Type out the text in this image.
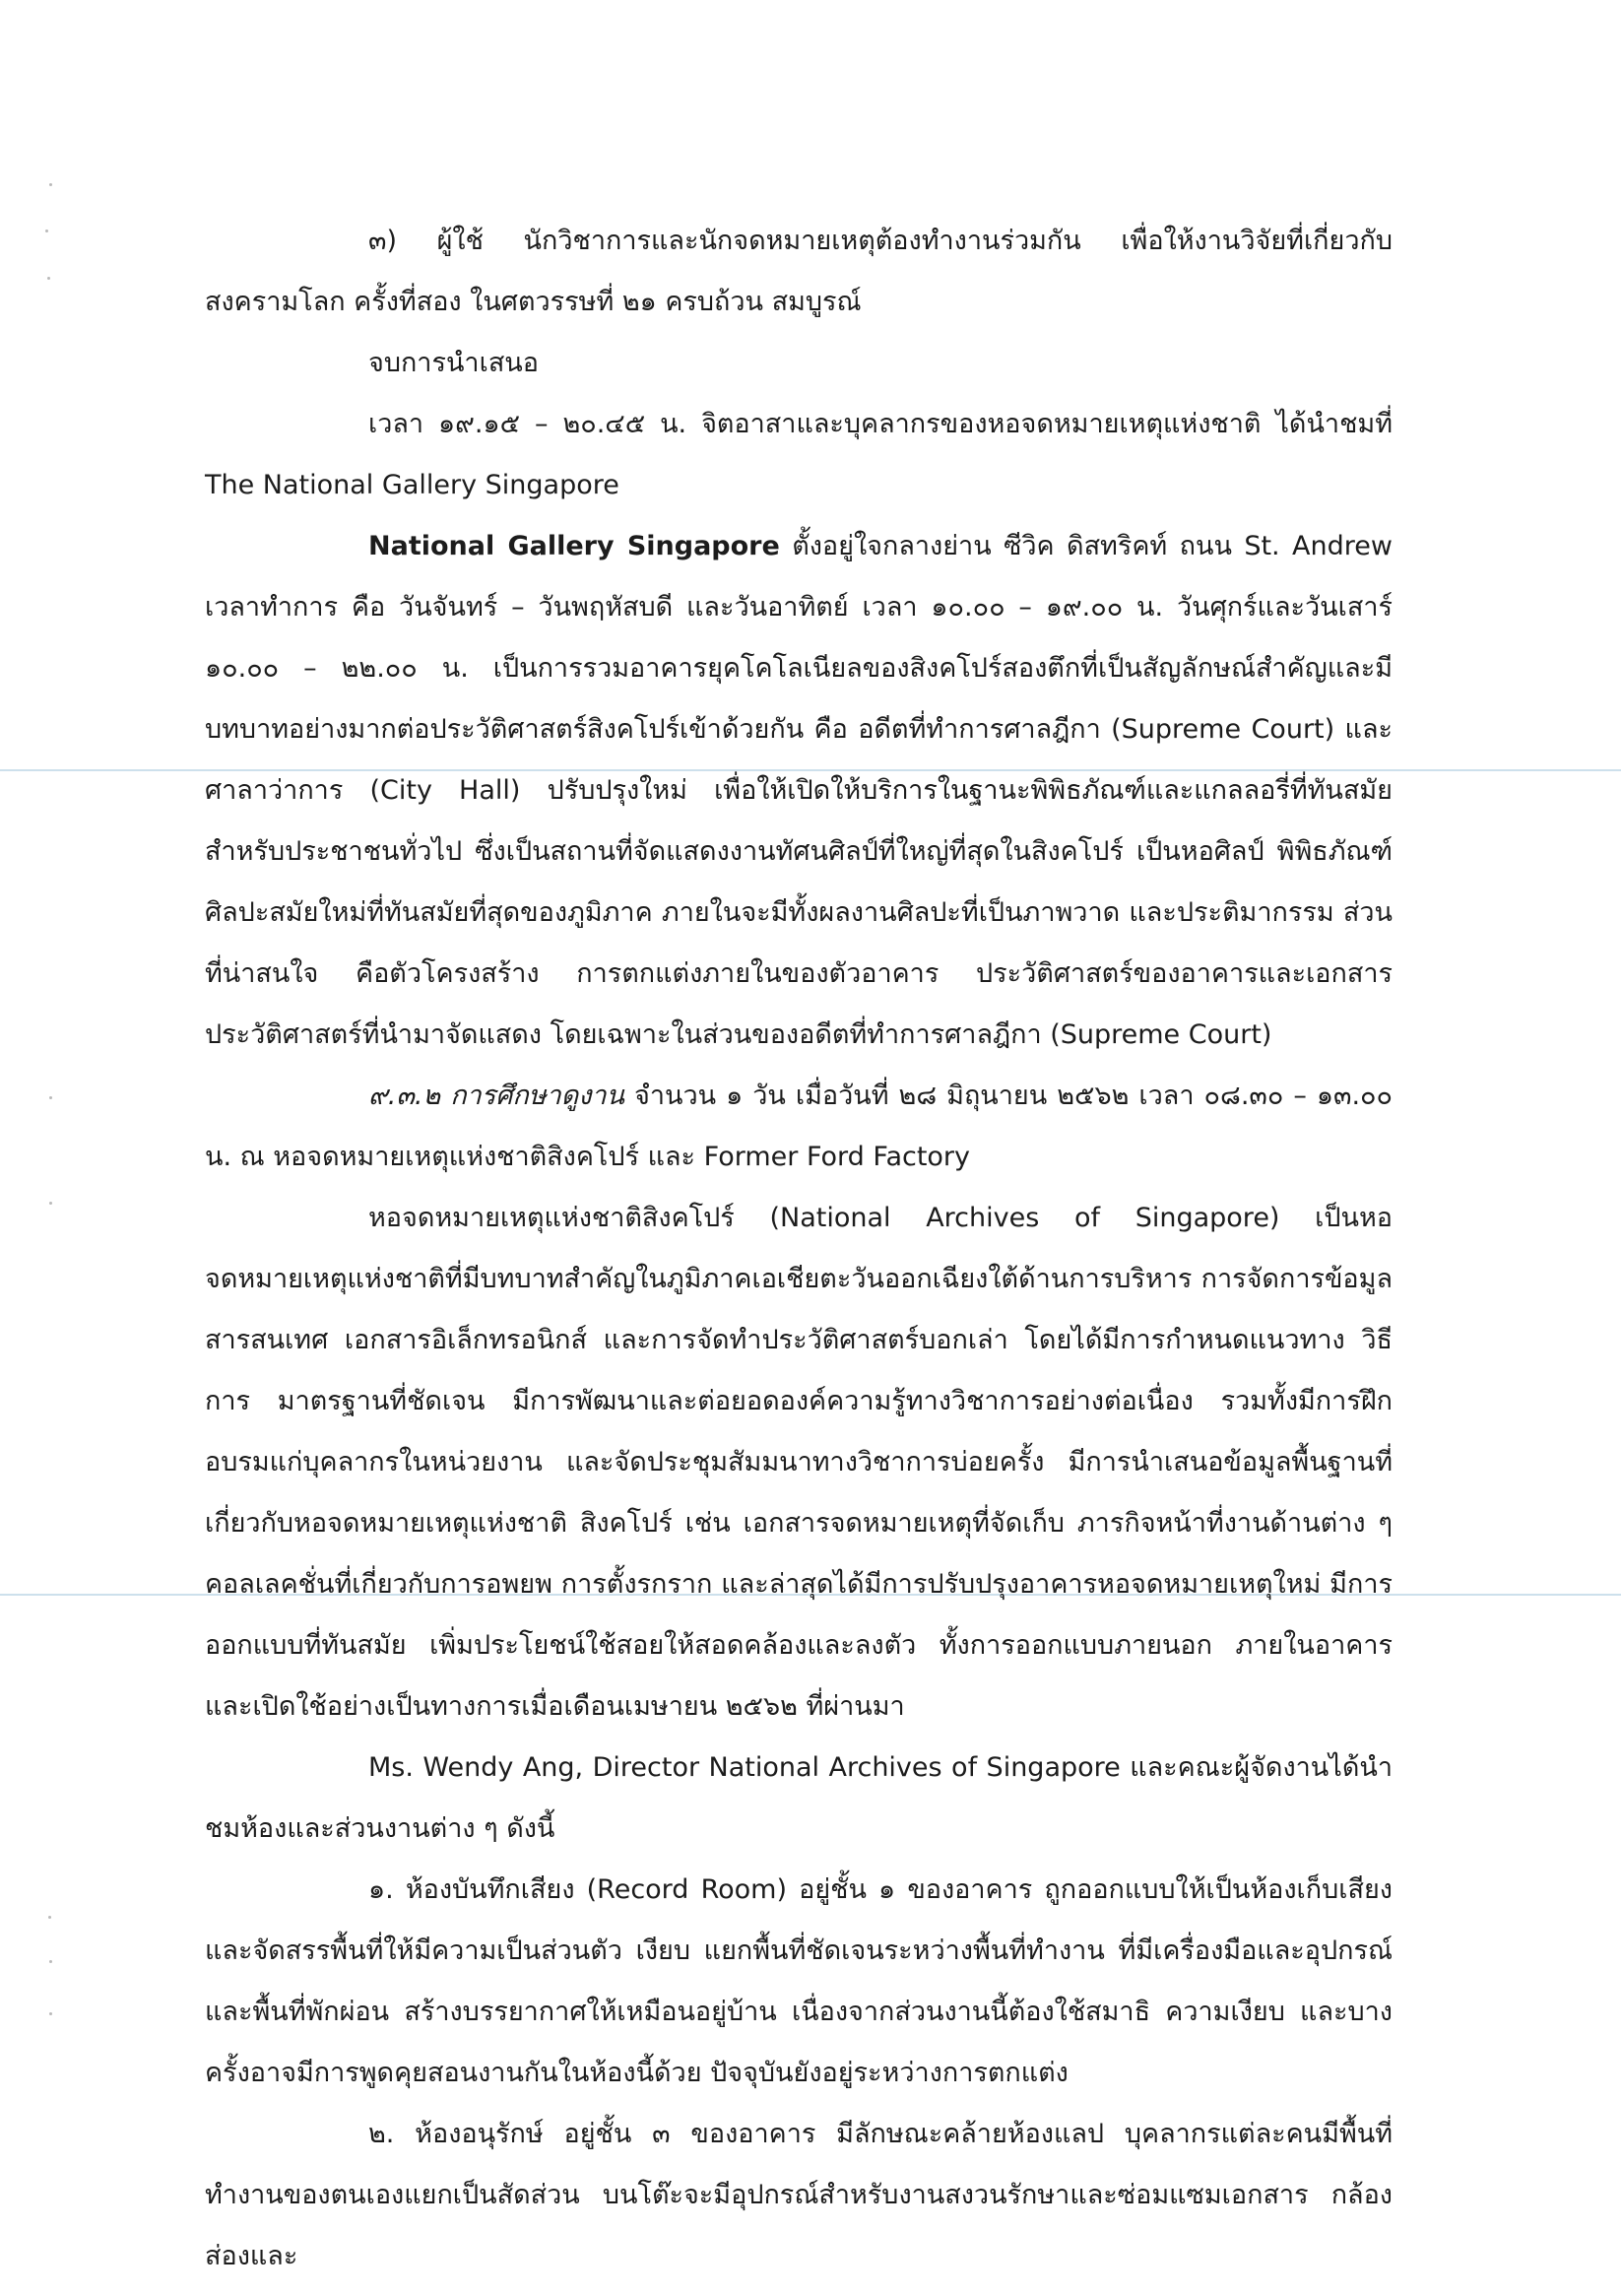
๓) ผู้ใช้ นักวิชาการและนักจดหมายเหตุต้องทำงานร่วมกัน เพื่อให้งานวิจัยที่เกี่ยวกับสงครามโลก ครั้งที่สอง ในศตวรรษที่ ๒๑ ครบถ้วน สมบูรณ์

จบการนำเสนอ

เวลา ๑๙.๑๕ – ๒๐.๔๕ น. จิตอาสาและบุคลากรของหอจดหมายเหตุแห่งชาติ ได้นำชมที่ The National Gallery Singapore

National Gallery Singapore ตั้งอยู่ใจกลางย่าน ซีวิค ดิสทริคท์ ถนน St. Andrew เวลาทำการ คือ วันจันทร์ – วันพฤหัสบดี และวันอาทิตย์ เวลา ๑๐.๐๐ – ๑๙.๐๐ น. วันศุกร์และวันเสาร์ ๑๐.๐๐ – ๒๒.๐๐ น. เป็นการรวมอาคารยุคโคโลเนียลของสิงคโปร์สองตึกที่เป็นสัญลักษณ์สำคัญและมีบทบาทอย่างมากต่อประวัติศาสตร์สิงคโปร์เข้าด้วยกัน คือ อดีตที่ทำการศาลฎีกา (Supreme Court) และศาลาว่าการ (City Hall) ปรับปรุงใหม่ เพื่อให้เปิดให้บริการในฐานะพิพิธภัณฑ์และแกลลอรี่ที่ทันสมัยสำหรับประชาชนทั่วไป ซึ่งเป็นสถานที่จัดแสดงงานทัศนศิลป์ที่ใหญ่ที่สุดในสิงคโปร์ เป็นหอศิลป์ พิพิธภัณฑ์ศิลปะสมัยใหม่ที่ทันสมัยที่สุดของภูมิภาค ภายในจะมีทั้งผลงานศิลปะที่เป็นภาพวาด และประติมากรรม ส่วนที่น่าสนใจ คือตัวโครงสร้าง การตกแต่งภายในของตัวอาคาร ประวัติศาสตร์ของอาคารและเอกสารประวัติศาสตร์ที่นำมาจัดแสดง โดยเฉพาะในส่วนของอดีตที่ทำการศาลฎีกา (Supreme Court)

๙.๓.๒ การศึกษาดูงาน จำนวน ๑ วัน เมื่อวันที่ ๒๘ มิถุนายน ๒๕๖๒ เวลา ๐๘.๓๐ – ๑๓.๐๐ น. ณ หอจดหมายเหตุแห่งชาติสิงคโปร์ และ Former Ford Factory

หอจดหมายเหตุแห่งชาติสิงคโปร์ (National Archives of Singapore) เป็นหอจดหมายเหตุแห่งชาติที่มีบทบาทสำคัญในภูมิภาคเอเชียตะวันออกเฉียงใต้ด้านการบริหาร การจัดการข้อมูลสารสนเทศ เอกสารอิเล็กทรอนิกส์ และการจัดทำประวัติศาสตร์บอกเล่า โดยได้มีการกำหนดแนวทาง วิธีการ มาตรฐานที่ชัดเจน มีการพัฒนาและต่อยอดองค์ความรู้ทางวิชาการอย่างต่อเนื่อง รวมทั้งมีการฝึกอบรมแก่บุคลากรในหน่วยงาน และจัดประชุมสัมมนาทางวิชาการบ่อยครั้ง มีการนำเสนอข้อมูลพื้นฐานที่เกี่ยวกับหอจดหมายเหตุแห่งชาติ สิงคโปร์ เช่น เอกสารจดหมายเหตุที่จัดเก็บ ภารกิจหน้าที่งานด้านต่าง ๆ คอลเลคชั่นที่เกี่ยวกับการอพยพ การตั้งรกราก และล่าสุดได้มีการปรับปรุงอาคารหอจดหมายเหตุใหม่ มีการออกแบบที่ทันสมัย เพิ่มประโยชน์ใช้สอยให้สอดคล้องและลงตัว ทั้งการออกแบบภายนอก ภายในอาคาร และเปิดใช้อย่างเป็นทางการเมื่อเดือนเมษายน ๒๕๖๒ ที่ผ่านมา

Ms. Wendy Ang, Director National Archives of Singapore และคณะผู้จัดงานได้นำชมห้องและส่วนงานต่าง ๆ ดังนี้

๑. ห้องบันทึกเสียง (Record Room) อยู่ชั้น ๑ ของอาคาร ถูกออกแบบให้เป็นห้องเก็บเสียงและจัดสรรพื้นที่ให้มีความเป็นส่วนตัว เงียบ แยกพื้นที่ชัดเจนระหว่างพื้นที่ทำงาน ที่มีเครื่องมือและอุปกรณ์ และพื้นที่พักผ่อน สร้างบรรยากาศให้เหมือนอยู่บ้าน เนื่องจากส่วนงานนี้ต้องใช้สมาธิ ความเงียบ และบางครั้งอาจมีการพูดคุยสอนงานกันในห้องนี้ด้วย ปัจจุบันยังอยู่ระหว่างการตกแต่ง

๒. ห้องอนุรักษ์ อยู่ชั้น ๓ ของอาคาร มีลักษณะคล้ายห้องแลป บุคลากรแต่ละคนมีพื้นที่ทำงานของตนเองแยกเป็นสัดส่วน บนโต๊ะจะมีอุปกรณ์สำหรับงานสงวนรักษาและซ่อมแซมเอกสาร กล้องส่องและ
